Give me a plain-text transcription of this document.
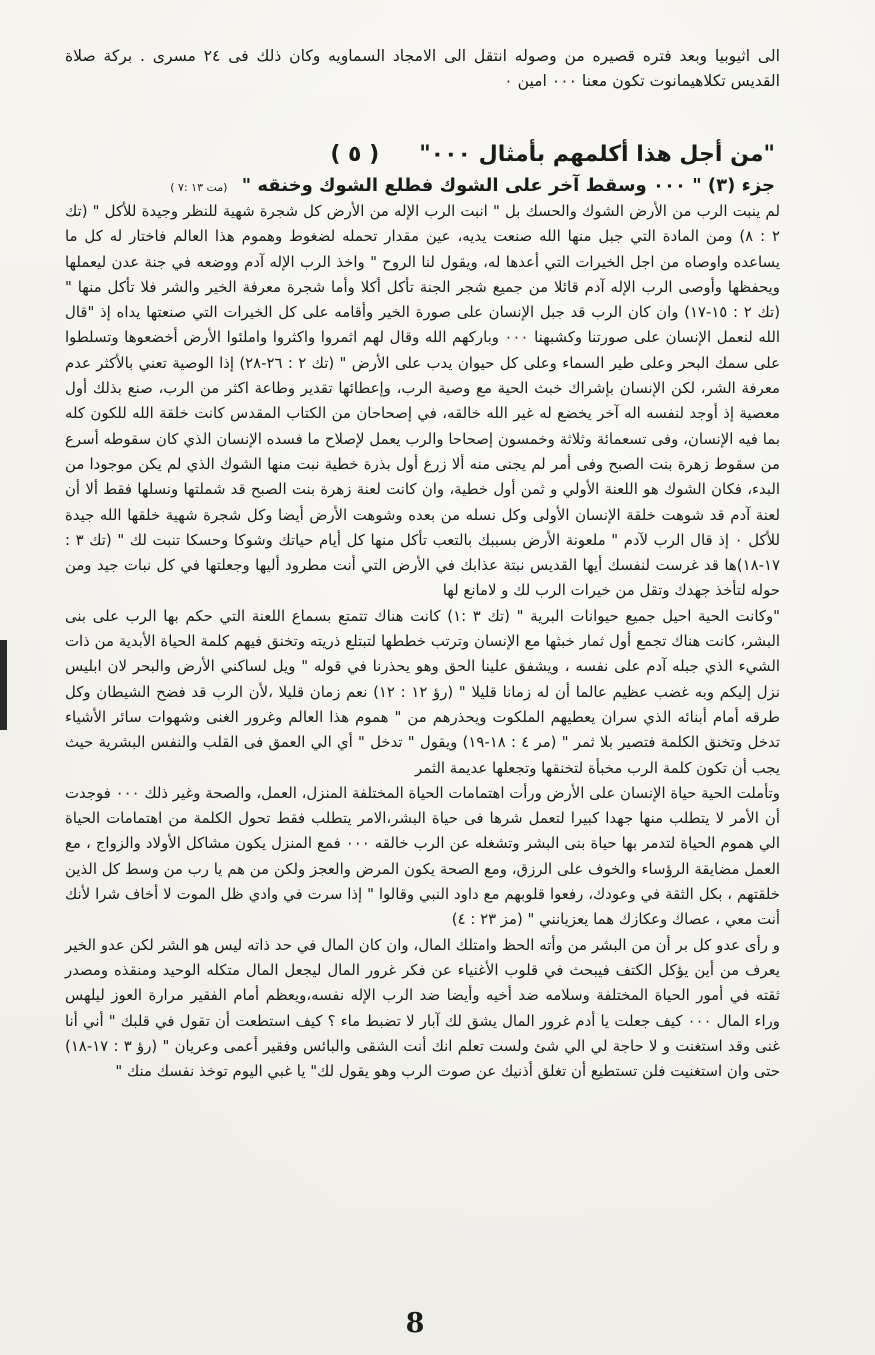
الى اثيوبيا وبعد فتره قصيره من وصوله انتقل الى الامجاد السماويه وكان ذلك فى ٢٤ مسرى . بركة صلاة القديس تكلاهيمانوت تكون معنا ٠٠٠ امين ٠

"من أجل هذا أكلمهم بأمثال ٠٠٠"( ٥ )
جزء (٣) " ٠٠٠ وسقط آخر على الشوك فطلع الشوك وخنقه " (مت ١٣ :٧ )

لم ينبت الرب من الأرض الشوك والحسك بل " انبت الرب الإله من الأرض كل شجرة شهية للنظر وجيدة للأكل " (تك ٢ : ٨) ومن المادة التي جبل منها الله صنعت يديه، عين مقدار تحمله لضغوط وهموم هذا العالم فاختار له كل ما يساعده واوصاه من اجل الخيرات التي أعدها له، ويقول لنا الروح " واخذ الرب الإله آدم ووضعه في جنة عدن ليعملها ويحفظها وأوصى الرب الإله آدم قائلا من جميع شجر الجنة تأكل أكلا وأما شجرة معرفة الخير والشر فلا تأكل منها " (تك ٢ : ١٥-١٧) وان كان الرب قد جبل الإنسان على صورة الخير وأقامه على كل الخيرات التي صنعتها يداه إذ "قال الله لنعمل الإنسان على صورتنا وكشبهنا ٠٠٠ وباركهم الله وقال لهم اثمروا واكثروا واملئوا الأرض أخضعوها وتسلطوا على سمك البحر وعلى طير السماء وعلى كل حيوان يدب على الأرض " (تك ٢ : ٢٦-٢٨) إذا الوصية تعني بالأكثر عدم معرفة الشر، لكن الإنسان بإشراك خبث الحية مع وصية الرب، وإعطائها تقدير وطاعة اكثر من الرب، صنع بذلك أول معصية إذ أوجد لنفسه اله آخر يخضع له غير الله خالقه، في إصحاحان من الكتاب المقدس كانت خلقة الله للكون كله بما فيه الإنسان، وفى تسعمائة وثلاثة وخمسون إصحاحا والرب يعمل لإصلاح ما فسده الإنسان الذي كان سقوطه أسرع من سقوط زهرة بنت الصبح وفى أمر لم يجنى منه ألا زرع أول بذرة خطية نبت منها الشوك الذي لم يكن موجودا من البدء، فكان الشوك هو اللعنة الأولي و ثمن أول خطية، وان كانت لعنة زهرة بنت الصبح قد شملتها ونسلها فقط ألا أن لعنة آدم قد شوهت خلقة الإنسان الأولى وكل نسله من بعده وشوهت الأرض أيضا وكل شجرة شهية خلقها الله جيدة للأكل ٠ إذ قال الرب لآدم " ملعونة الأرض بسببك بالتعب تأكل منها كل أيام حياتك وشوكا وحسكا تنبت لك " (تك ٣ : ١٧-١٨)ها قد غرست لنفسك أيها القديس نبتة عذابك في الأرض التي أنت مطرود أليها وجعلتها في كل نبات جيد ومن حوله لتأخذ جهدك وتقل من خيرات الرب لك و لامانع لها

"وكانت الحية احيل جميع حيوانات البرية " (تك ٣ :١) كانت هناك تتمتع بسماع اللعنة التي حكم بها الرب على بنى البشر، كانت هناك تجمع أول ثمار خبثها مع الإنسان وترتب خططها لتبتلع ذريته وتخنق فيهم كلمة الحياة الأبدية من ذات الشيء الذي جبله آدم على نفسه ، ويشفق علينا الحق وهو يحذرنا في قوله " ويل لساكني الأرض والبحر لان ابليس نزل إليكم وبه غضب عظيم عالما أن له زمانا قليلا " (رؤ ١٢ : ١٢) نعم زمان قليلا ،لأن الرب قد فضح الشيطان وكل طرقه أمام أبنائه الذي سران يعطيهم الملكوت ويحذرهم من " هموم هذا العالم وغرور الغنى وشهوات سائر الأشياء تدخل وتخنق الكلمة فتصير بلا ثمر " (مر ٤ : ١٨-١٩) ويقول " تدخل " أي الي العمق فى القلب والنفس البشرية حيث يجب أن تكون كلمة الرب مخبأة لتخنقها وتجعلها عديمة الثمر

وتأملت الحية حياة الإنسان على الأرض ورأت اهتمامات الحياة المختلفة المنزل، العمل، والصحة وغير ذلك ٠٠٠ فوجدت أن الأمر لا يتطلب منها جهدا كبيرا لتعمل شرها فى حياة البشر،الامر يتطلب فقط تحول الكلمة من اهتمامات الحياة الي هموم الحياة لتدمر بها حياة بنى البشر وتشغله عن الرب خالقه ٠٠٠ فمع المنزل يكون مشاكل الأولاد والزواج ، مع العمل مضايقة الرؤساء والخوف على الرزق، ومع الصحة يكون المرض والعجز ولكن من هم يا رب من وسط كل الذين خلقتهم ، بكل الثقة في وعودك، رفعوا قلوبهم مع داود النبي وقالوا " إذا سرت في وادي ظل الموت لا أخاف شرا لأنك أنت معي ، عصاك وعكازك هما يعزيانني " (مز ٢٣ : ٤)

و رأى عدو كل بر أن من البشر من وأته الحظ وامتلك المال، وان كان المال في حد ذاته ليس هو الشر لكن عدو الخير يعرف من أين يؤكل الكتف فيبحث في قلوب الأغنياء عن فكر غرور المال ليجعل المال متكله الوحيد ومنقذه ومصدر ثقته في أمور الحياة المختلفة وسلامه ضد أخيه وأيضا ضد الرب الإله نفسه،ويعظم أمام الفقير مرارة العوز ليلهس وراء المال ٠٠٠ كيف جعلت يا أدم غرور المال يشق لك آبار لا تضبط ماء ؟ كيف استطعت أن تقول في قلبك " أني أنا غنى وقد استغنت و لا حاجة لي الي شئ ولست تعلم انك أنت الشقى والبائس وفقير أعمى وعريان " (رؤ ٣ : ١٧-١٨) حتى وان استغنيت فلن تستطيع أن تغلق أذنيك عن صوت الرب وهو يقول لك" يا غبي اليوم توخذ نفسك منك "

8
